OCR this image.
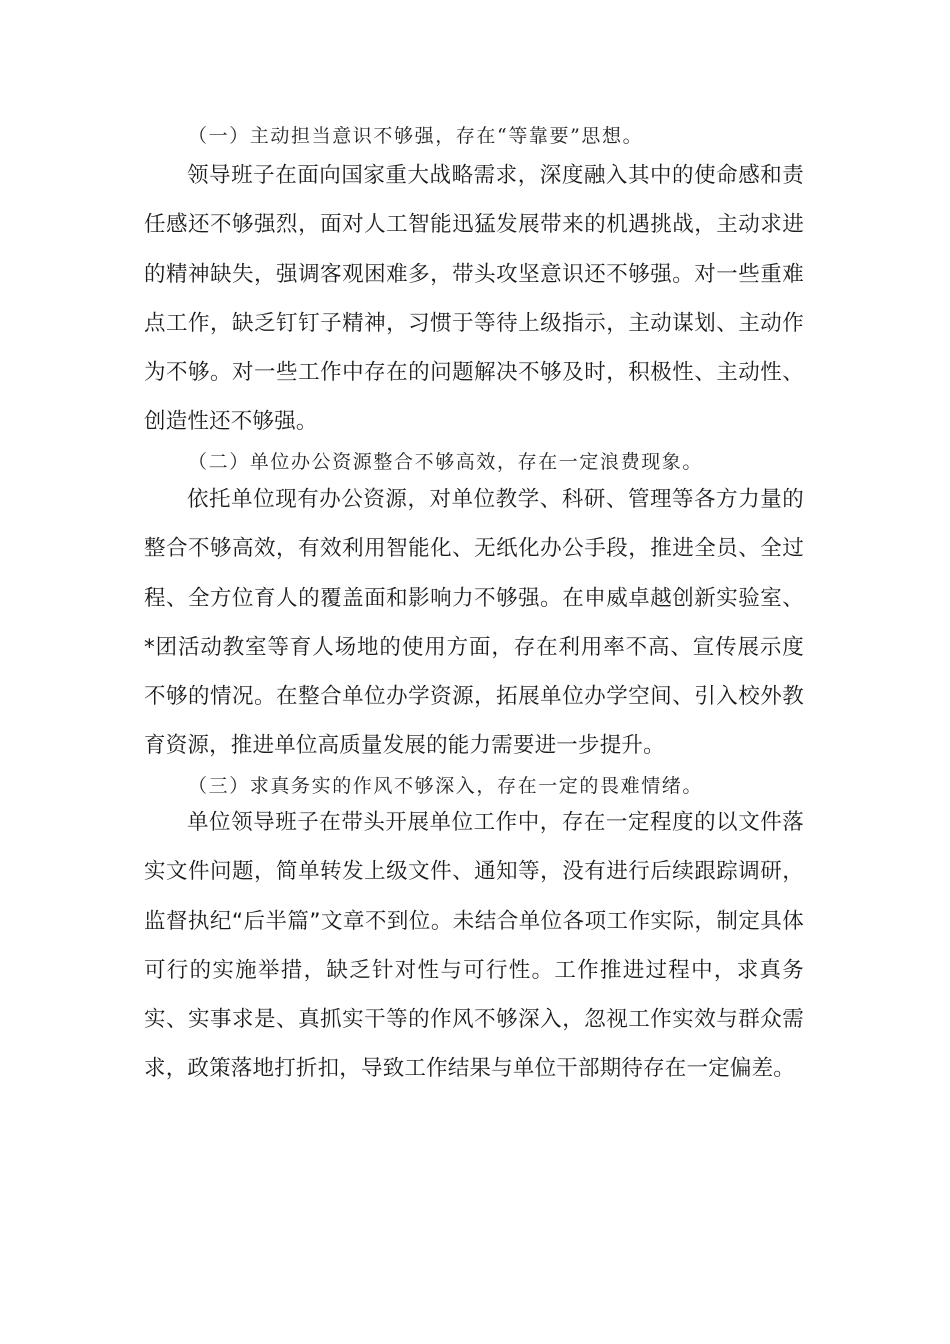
（一）主动担当意识不够强，存在“等靠要”思想。

领导班子在面向国家重大战略需求，深度融入其中的使命感和责任感还不够强烈，面对人工智能迅猛发展带来的机遇挑战，主动求进的精神缺失，强调客观困难多，带头攻坚意识还不够强。对一些重难点工作，缺乏钉钉子精神，习惯于等待上级指示，主动谋划、主动作为不够。对一些工作中存在的问题解决不够及时，积极性、主动性、创造性还不够强。

（二）单位办公资源整合不够高效，存在一定浪费现象。

依托单位现有办公资源，对单位教学、科研、管理等各方力量的整合不够高效，有效利用智能化、无纸化办公手段，推进全员、全过程、全方位育人的覆盖面和影响力不够强。在申威卓越创新实验室、*团活动教室等育人场地的使用方面，存在利用率不高、宣传展示度不够的情况。在整合单位办学资源，拓展单位办学空间、引入校外教育资源，推进单位高质量发展的能力需要进一步提升。

（三）求真务实的作风不够深入，存在一定的畏难情绪。

单位领导班子在带头开展单位工作中，存在一定程度的以文件落实文件问题，简单转发上级文件、通知等，没有进行后续跟踪调研，监督执纪“后半篇”文章不到位。未结合单位各项工作实际，制定具体可行的实施举措，缺乏针对性与可行性。工作推进过程中，求真务实、实事求是、真抓实干等的作风不够深入，忽视工作实效与群众需求，政策落地打折扣，导致工作结果与单位干部期待存在一定偏差。
